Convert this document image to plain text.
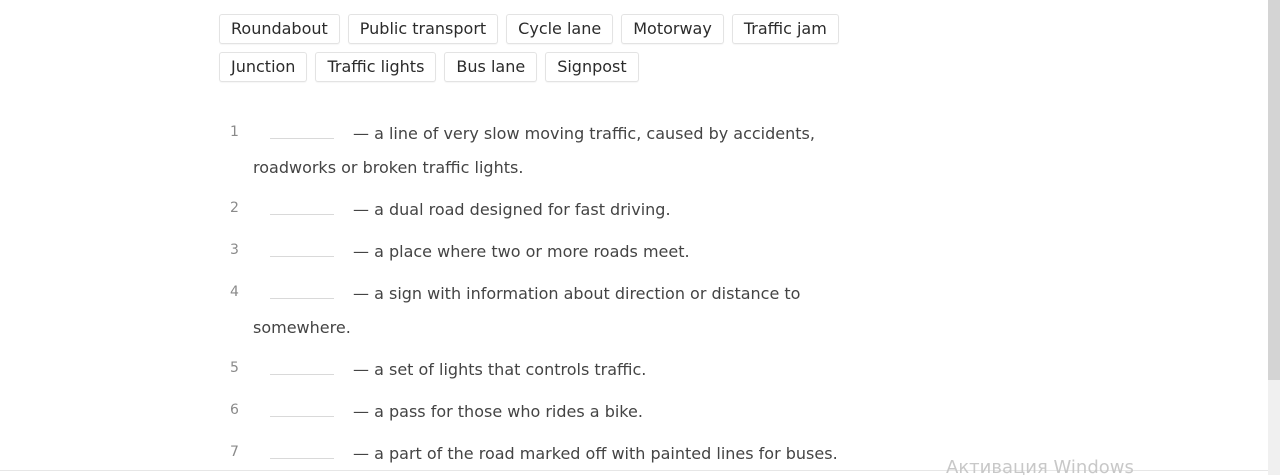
Roundabout	Public transport	Cycle lane	Motorway	Traffic jam
Junction	Traffic lights	Bus lane	Signpost
1	— a line of very slow moving traffic, caused by accidents,
roadworks or broken traffic lights.
2	— a dual road designed for fast driving.
3	— a place where two or more roads meet.
4	— a sign with information about direction or distance to
somewhere.
5	— a set of lights that controls traffic.
6	— a pass for those who rides a bike.
7	— a part of the road marked off with painted lines for buses.
Активация Windows
